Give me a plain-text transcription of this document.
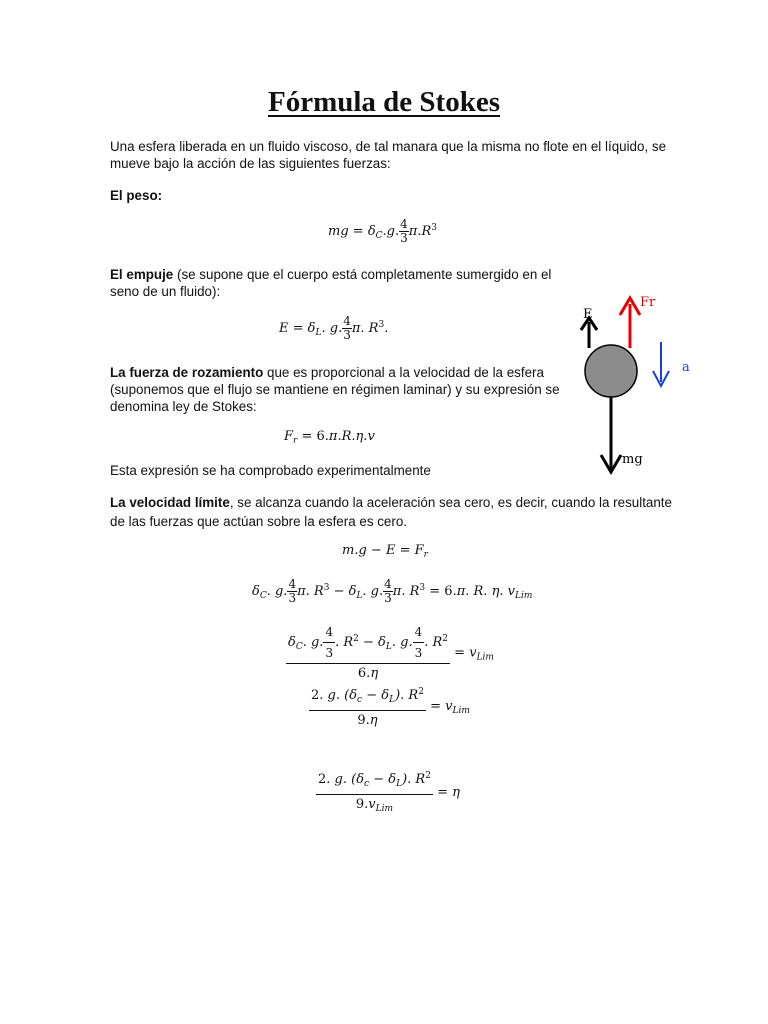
Fórmula de Stokes
Una esfera liberada en un fluido viscoso, de tal manara que la misma no flote en el líquido, se
mueve bajo la acción de las siguientes fuerzas:
El peso:
mg = $\delta_C.g$. $\frac{4}{3} \pi.R^3$
El empuje (se supone que el cuerpo está completamente sumergido en el
seno de un fluido):
$E = \delta_L$. g. $\frac{4}{3} \pi$. $R^3$.
La fuerza de rozamiento que es proporcional a la velocidad de la esfera
(suponemos que el flujo se mantiene en régimen laminar) y su expresión se
denomina ley de Stokes:
$F_r = 6.\pi.R.\eta.v$
Esta expresión se ha comprobado experimentalmente
La velocidad límite, se alcanza cuando la aceleración sea cero, es decir, cuando la resultante
de las fuerzas que actúan sobre la esfera es cero.
$m.g - E = F_r$
$\delta_C$. g. $\frac{4}{3} \pi$. $R^3 - \delta_L$. g. $\frac{4}{3} \pi$. $R^3 = 6.\pi$. R. η. $v_{Lim}$
$\frac{\delta_C. g. \frac{4}{3} . R^2 - \delta_L. g. \frac{4}{3} . R^2}{6.\eta} = v_{Lim}$
$\frac{2. g. (\delta_c - \delta_L). R^2}{9.\eta} = v_{Lim}$
2. g. $(\delta_c - \delta_L)$. $R^2$
$9.v_{Lim}$
= η
E
Fr
a
mg
